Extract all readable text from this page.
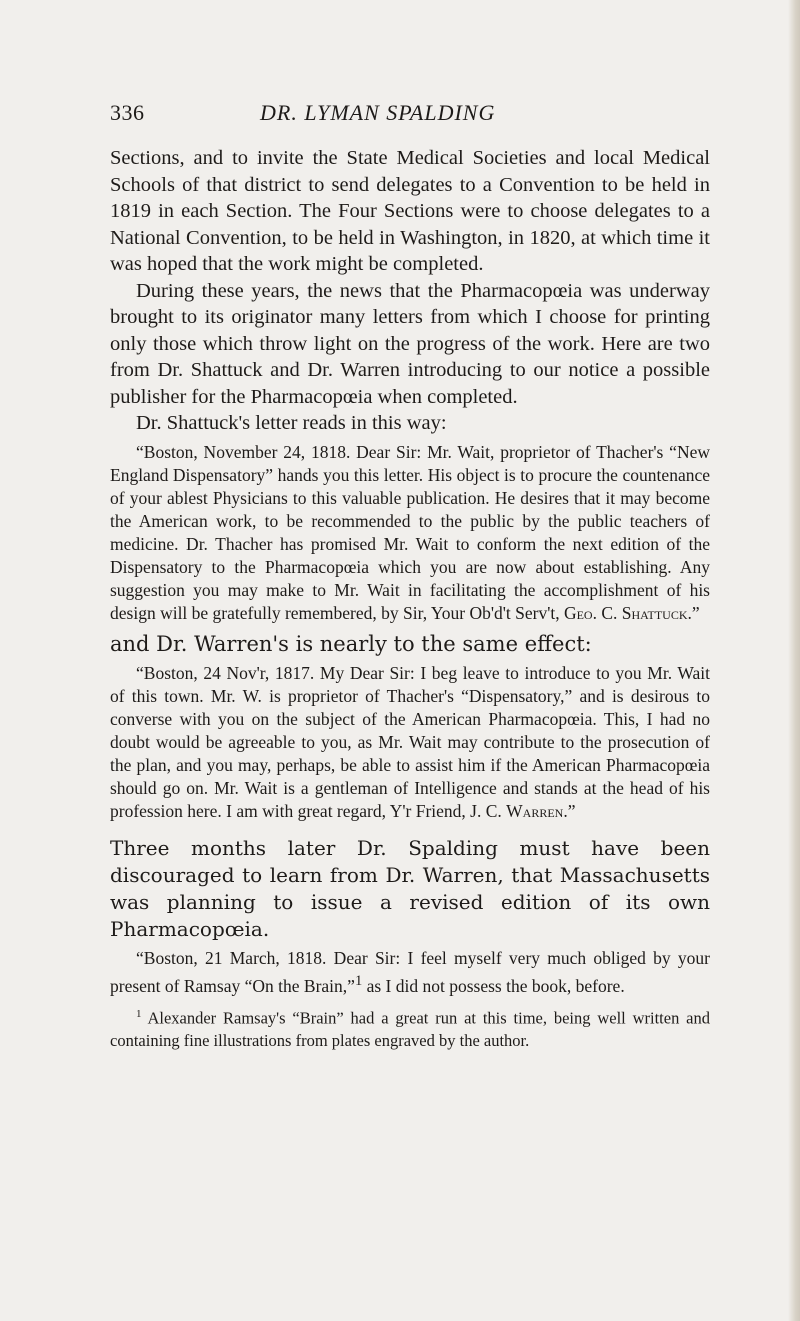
336	DR. LYMAN SPALDING

Sections, and to invite the State Medical Societies and local Medical Schools of that district to send delegates to a Convention to be held in 1819 in each Section. The Four Sections were to choose delegates to a National Convention, to be held in Washington, in 1820, at which time it was hoped that the work might be completed.

During these years, the news that the Pharmacopœia was underway brought to its originator many letters from which I choose for printing only those which throw light on the progress of the work. Here are two from Dr. Shattuck and Dr. Warren introducing to our notice a possible publisher for the Pharmacopœia when completed.

Dr. Shattuck's letter reads in this way:

“Boston, November 24, 1818. Dear Sir: Mr. Wait, proprietor of Thacher's “New England Dispensatory” hands you this letter. His object is to procure the countenance of your ablest Physicians to this valuable publication. He desires that it may become the American work, to be recommended to the public by the public teachers of medicine. Dr. Thacher has promised Mr. Wait to conform the next edition of the Dispensatory to the Pharmacopœia which you are now about establishing. Any suggestion you may make to Mr. Wait in facilitating the accomplishment of his design will be gratefully remembered, by Sir, Your Ob'd't Serv't, Geo. C. Shattuck.”

and Dr. Warren's is nearly to the same effect:

“Boston, 24 Nov'r, 1817. My Dear Sir: I beg leave to introduce to you Mr. Wait of this town. Mr. W. is proprietor of Thacher's “Dispensatory,” and is desirous to converse with you on the subject of the American Pharmacopœia. This, I had no doubt would be agreeable to you, as Mr. Wait may contribute to the prosecution of the plan, and you may, perhaps, be able to assist him if the American Pharmacopœia should go on. Mr. Wait is a gentleman of Intelligence and stands at the head of his profession here. I am with great regard, Y'r Friend, J. C. Warren.”

Three months later Dr. Spalding must have been discouraged to learn from Dr. Warren, that Massachusetts was planning to issue a revised edition of its own Pharmacopœia.

“Boston, 21 March, 1818. Dear Sir: I feel myself very much obliged by your present of Ramsay “On the Brain,”$^1$ as I did not possess the book, before.

$^1$ Alexander Ramsay's “Brain” had a great run at this time, being well written and containing fine illustrations from plates engraved by the author.
